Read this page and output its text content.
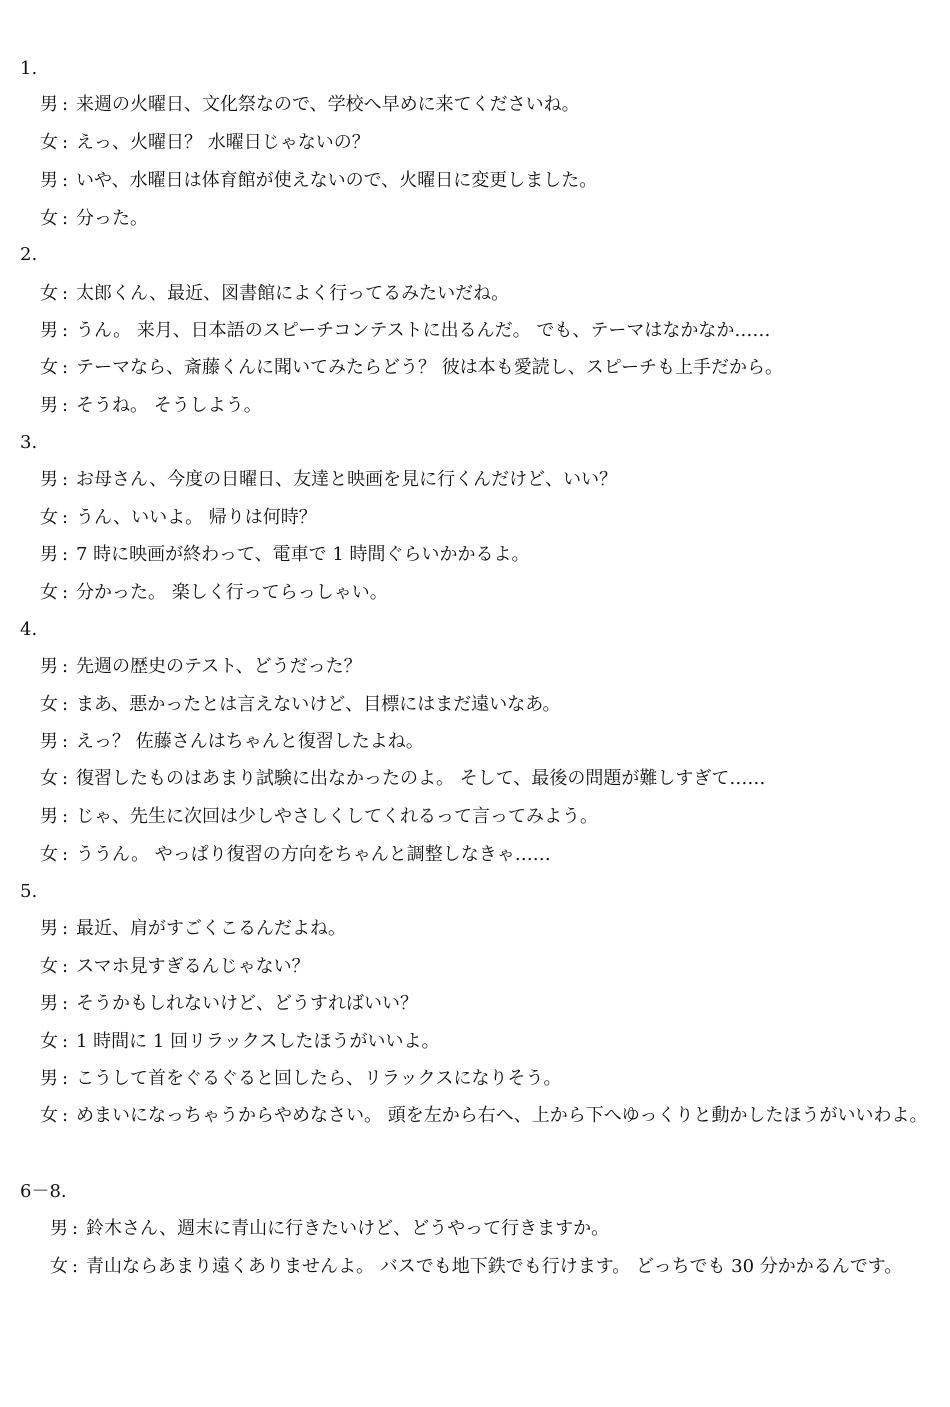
1.
男 : 来週の火曜日、文化祭なので、学校へ早めに来てくださいね。
女 : えっ、火曜日？ 水曜日じゃないの？
男 : いや、水曜日は体育館が使えないので、火曜日に変更しました。
女 : 分った。
2.
女 : 太郎くん、最近、図書館によく行ってるみたいだね。
男 : うん。 来月、日本語のスピーチコンテストに出るんだ。 でも、テーマはなかなか……
女 : テーマなら、斎藤くんに聞いてみたらどう？ 彼は本も愛読し、スピーチも上手だから。
男 : そうね。 そうしよう。
3.
男 : お母さん、今度の日曜日、友達と映画を見に行くんだけど、いい？
女 : うん、いいよ。 帰りは何時？
男 : 7 時に映画が終わって、電車で 1 時間ぐらいかかるよ。
女 : 分かった。 楽しく行ってらっしゃい。
4.
男 : 先週の歴史のテスト、どうだった？
女 : まあ、悪かったとは言えないけど、目標にはまだ遠いなあ。
男 : えっ？ 佐藤さんはちゃんと復習したよね。
女 : 復習したものはあまり試験に出なかったのよ。 そして、最後の問題が難しすぎて……
男 : じゃ、先生に次回は少しやさしくしてくれるって言ってみよう。
女 : ううん。 やっぱり復習の方向をちゃんと調整しなきゃ……
5.
男 : 最近、肩がすごくこるんだよね。
女 : スマホ見すぎるんじゃない？
男 : そうかもしれないけど、どうすればいい？
女 : 1 時間に 1 回リラックスしたほうがいいよ。
男 : こうして首をぐるぐると回したら、リラックスになりそう。
女 : めまいになっちゃうからやめなさい。 頭を左から右へ、上から下へゆっくりと動かしたほうがいいわよ。
6－8.
男 : 鈴木さん、週末に青山に行きたいけど、どうやって行きますか。
女 : 青山ならあまり遠くありませんよ。 バスでも地下鉄でも行けます。 どっちでも 30 分かかるんです。
